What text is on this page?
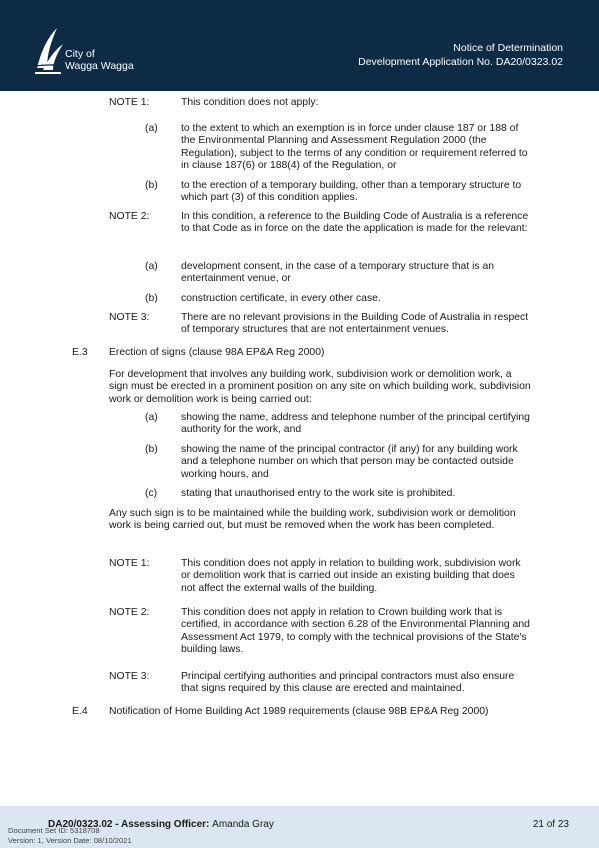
City of
Wagga Wagga
Notice of Determination
Development Application No. DA20/0323.02
NOTE 1:	This condition does not apply:
(a) to the extent to which an exemption is in force under clause 187 or 188 of the Environmental Planning and Assessment Regulation 2000 (the Regulation), subject to the terms of any condition or requirement referred to in clause 187(6) or 188(4) of the Regulation, or
(b) to the erection of a temporary building, other than a temporary structure to which part (3) of this condition applies.
NOTE 2:	In this condition, a reference to the Building Code of Australia is a reference to that Code as in force on the date the application is made for the relevant:
(a) development consent, in the case of a temporary structure that is an entertainment venue, or
(b) construction certificate, in every other case.
NOTE 3:	There are no relevant provisions in the Building Code of Australia in respect of temporary structures that are not entertainment venues.
E.3 Erection of signs (clause 98A EP&A Reg 2000)
For development that involves any building work, subdivision work or demolition work, a sign must be erected in a prominent position on any site on which building work, subdivision work or demolition work is being carried out:
(a) showing the name, address and telephone number of the principal certifying authority for the work, and
(b) showing the name of the principal contractor (if any) for any building work and a telephone number on which that person may be contacted outside working hours, and
(c) stating that unauthorised entry to the work site is prohibited.
Any such sign is to be maintained while the building work, subdivision work or demolition work is being carried out, but must be removed when the work has been completed.
NOTE 1:	This condition does not apply in relation to building work, subdivision work or demolition work that is carried out inside an existing building that does not affect the external walls of the building.
NOTE 2:	This condition does not apply in relation to Crown building work that is certified, in accordance with section 6.28 of the Environmental Planning and Assessment Act 1979, to comply with the technical provisions of the State's building laws.
NOTE 3:	Principal certifying authorities and principal contractors must also ensure that signs required by this clause are erected and maintained.
E.4 Notification of Home Building Act 1989 requirements (clause 98B EP&A Reg 2000)
DA20/0323.02 - Assessing Officer: Amanda Gray	21 of 23
Document Set ID: 5318708
Version: 1, Version Date: 08/10/2021
